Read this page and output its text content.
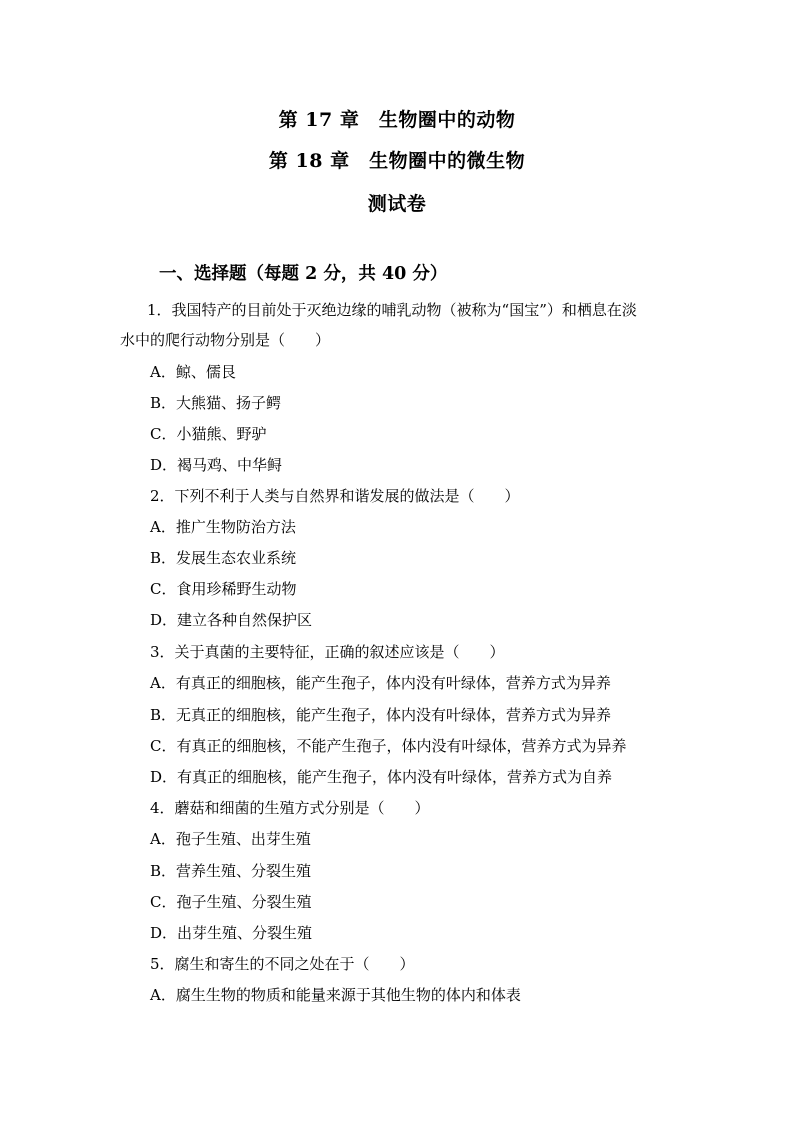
第 17 章　生物圈中的动物
第 18 章　生物圈中的微生物
测试卷
一、选择题（每题 2 分，共 40 分）
1．我国特产的目前处于灭绝边缘的哺乳动物（被称为“国宝”）和栖息在淡
水中的爬行动物分别是（　　）
A．鲸、儒艮
B．大熊猫、扬子鳄
C．小猫熊、野驴
D．褐马鸡、中华鲟
2．下列不利于人类与自然界和谐发展的做法是（　　）
A．推广生物防治方法
B．发展生态农业系统
C．食用珍稀野生动物
D．建立各种自然保护区
3．关于真菌的主要特征，正确的叙述应该是（　　）
A．有真正的细胞核，能产生孢子，体内没有叶绿体，营养方式为异养
B．无真正的细胞核，能产生孢子，体内没有叶绿体，营养方式为异养
C．有真正的细胞核，不能产生孢子，体内没有叶绿体，营养方式为异养
D．有真正的细胞核，能产生孢子，体内没有叶绿体，营养方式为自养
4．蘑菇和细菌的生殖方式分别是（　　）
A．孢子生殖、出芽生殖
B．营养生殖、分裂生殖
C．孢子生殖、分裂生殖
D．出芽生殖、分裂生殖
5．腐生和寄生的不同之处在于（　　）
A．腐生生物的物质和能量来源于其他生物的体内和体表
